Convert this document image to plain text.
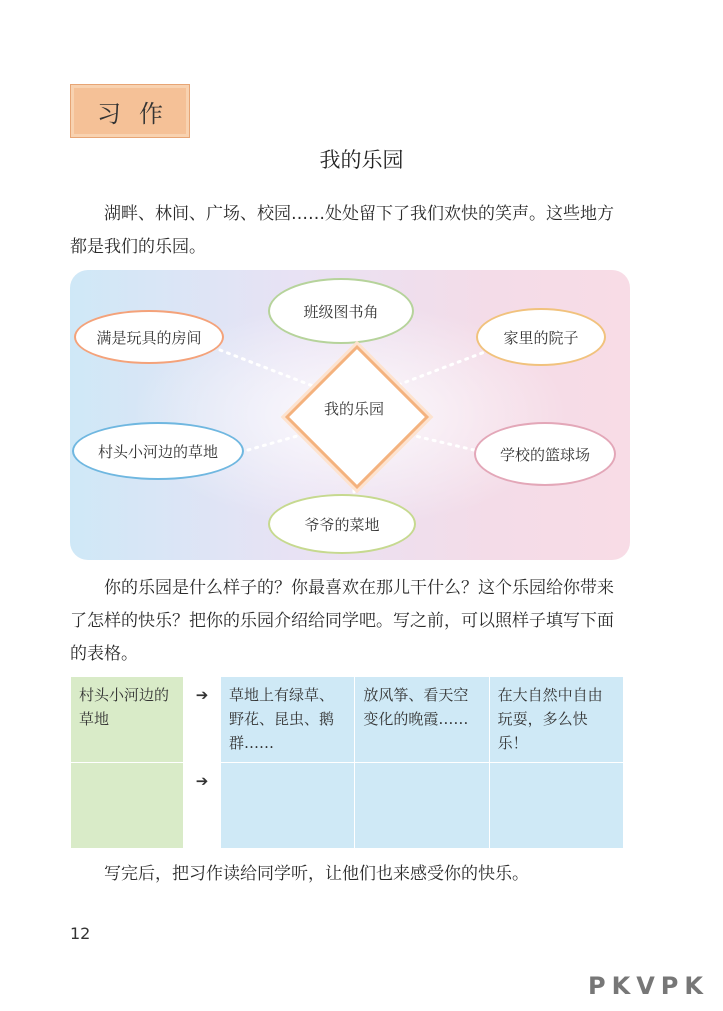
习作
我的乐园
湖畔、林间、广场、校园……处处留下了我们欢快的笑声。这些地方都是我们的乐园。
班级图书角
满是玩具的房间	家里的院子
村头小河边的草地	学校的篮球场
爷爷的菜地
我的乐园
你的乐园是什么样子的？你最喜欢在那儿干什么？这个乐园给你带来了怎样的快乐？把你的乐园介绍给同学吧。写之前，可以照样子填写下面的表格。
村头小河边的草地	➔	草地上有绿草、野花、昆虫、鹅群……	放风筝、看天空变化的晚霞……	在大自然中自由玩耍，多么快乐！
	➔			
写完后，把习作读给同学听，让他们也来感受你的快乐。
12
PKVPK
